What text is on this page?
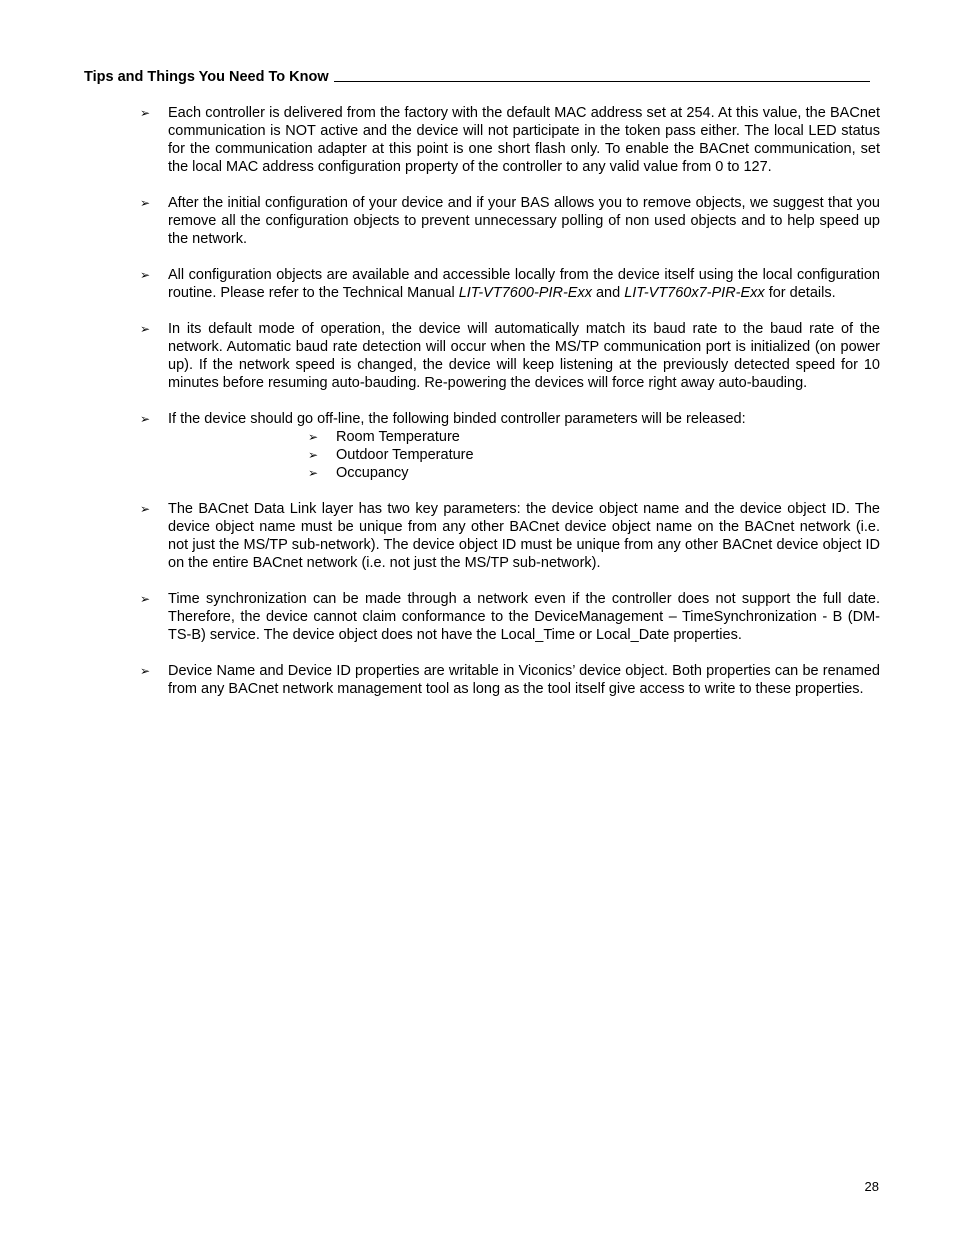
Tips and Things You Need To Know
➢	Each controller is delivered from the factory with the default MAC address set at 254. At this value, the BACnet communication is NOT active and the device will not participate in the token pass either. The local LED status for the communication adapter at this point is one short flash only. To enable the BACnet communication, set the local MAC address configuration property of the controller to any valid value from 0 to 127.
➢	After the initial configuration of your device and if your BAS allows you to remove objects, we suggest that you remove all the configuration objects to prevent unnecessary polling of non used objects and to help speed up the network.
➢	All configuration objects are available and accessible locally from the device itself using the local configuration routine. Please refer to the Technical Manual LIT-VT7600-PIR-Exx and LIT-VT760x7-PIR-Exx for details.
➢	In its default mode of operation, the device will automatically match its baud rate to the baud rate of the network. Automatic baud rate detection will occur when the MS/TP communication port is initialized (on power up). If the network speed is changed, the device will keep listening at the previously detected speed for 10 minutes before resuming auto-bauding. Re-powering the devices will force right away auto-bauding.
➢	If the device should go off-line, the following binded controller parameters will be released:
➢	Room Temperature
➢	Outdoor Temperature
➢	Occupancy
➢	The BACnet Data Link layer has two key parameters: the device object name and the device object ID. The device object name must be unique from any other BACnet device object name on the BACnet network (i.e. not just the MS/TP sub-network). The device object ID must be unique from any other BACnet device object ID on the entire BACnet network (i.e. not just the MS/TP sub-network).
➢	Time synchronization can be made through a network even if the controller does not support the full date. Therefore, the device cannot claim conformance to the DeviceManagement – TimeSynchronization - B (DM-TS-B) service. The device object does not have the Local_Time or Local_Date properties.
➢	Device Name and Device ID properties are writable in Viconics’ device object. Both properties can be renamed from any BACnet network management tool as long as the tool itself give access to write to these properties.
28
